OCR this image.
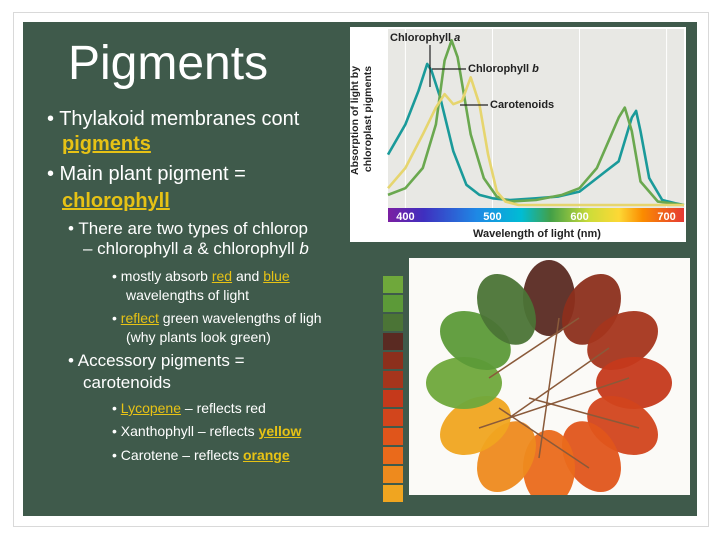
Pigments
• Thylakoid membranes cont
pigments
• Main plant pigment =
chlorophyll
• There are two types of chlorop
– chlorophyll a & chlorophyll b
• mostly absorb red and blue
wavelengths of light
• reflect green wavelengths of ligh
(why plants look green)
• Accessory pigments =
carotenoids
• Lycopene – reflects red
• Xanthophyll – reflects yellow
• Carotene – reflects orange
Absorption of light by chloroplast pigments
Chlorophyll a
Chlorophyll b
Carotenoids
400	500	600	700
Wavelength of light (nm)
